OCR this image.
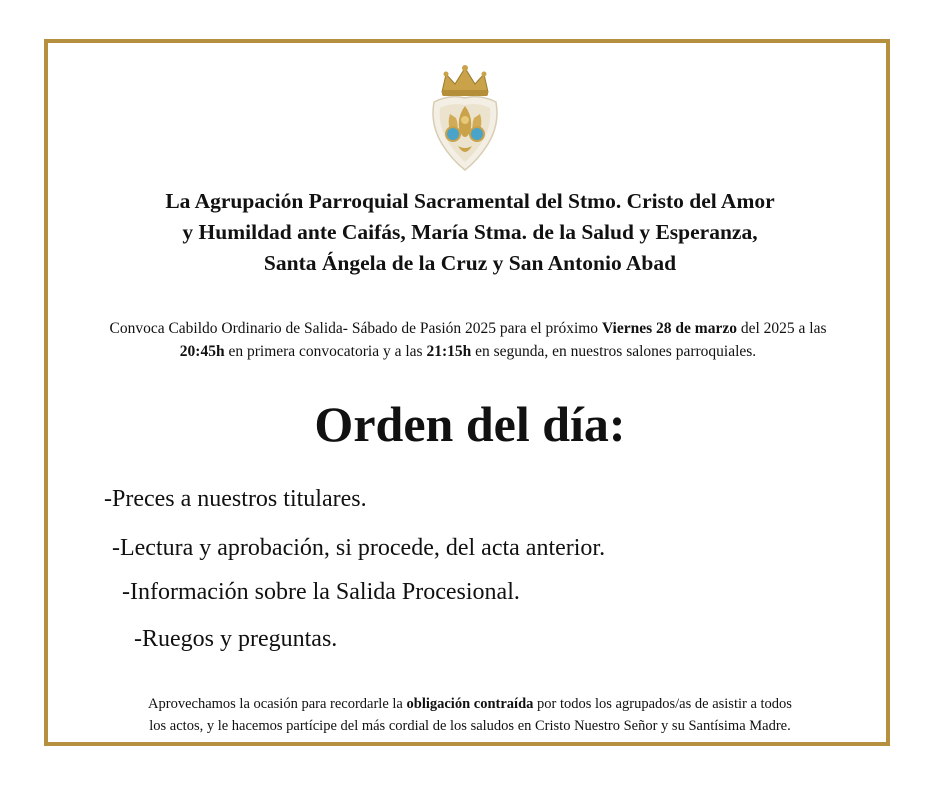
La Agrupación Parroquial Sacramental del Stmo. Cristo del Amor
y Humildad ante Caifás, María Stma. de la Salud y Esperanza,
Santa Ángela de la Cruz y San Antonio Abad
Convoca Cabildo Ordinario de Salida- Sábado de Pasión 2025 para el próximo Viernes 28 de marzo del 2025 a las
20:45h en primera convocatoria y a las 21:15h en segunda, en nuestros salones parroquiales.
Orden del día:
-Preces a nuestros titulares.
-Lectura y aprobación, si procede, del acta anterior.
-Información sobre la Salida Procesional.
-Ruegos y preguntas.
Aprovechamos la ocasión para recordarle la obligación contraída por todos los agrupados/as de asistir a todos
los actos, y le hacemos partícipe del más cordial de los saludos en Cristo Nuestro Señor y su Santísima Madre.
